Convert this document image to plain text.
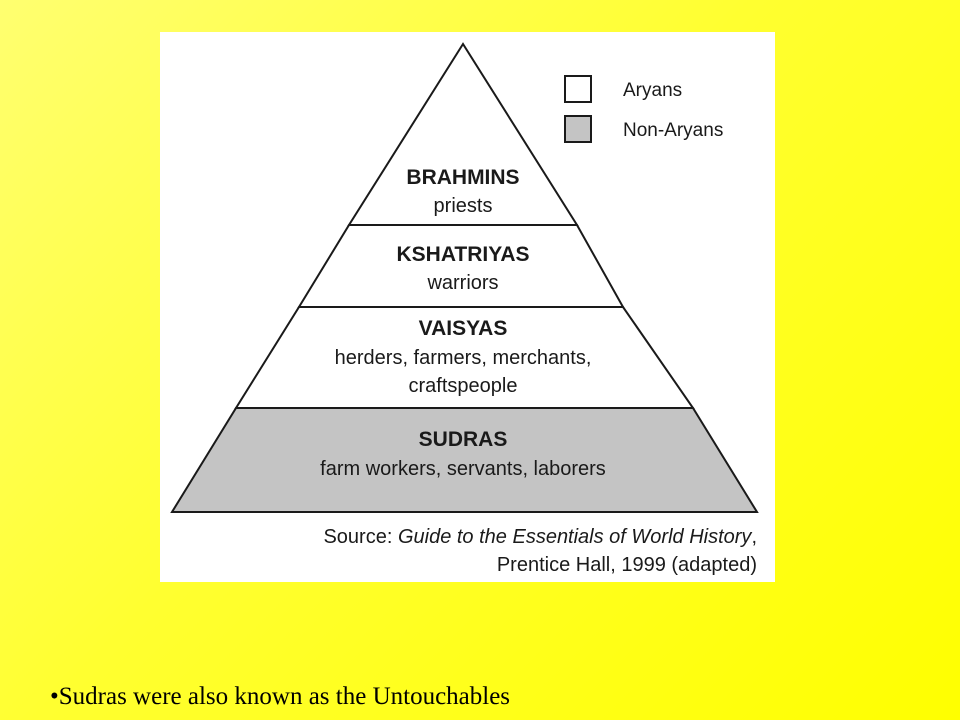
BRAHMINS
priests
KSHATRIYAS
warriors
VAISYAS
herders, farmers, merchants,
craftspeople
SUDRAS
farm workers, servants, laborers
Aryans
Non-Aryans
Source: Guide to the Essentials of World History,
Prentice Hall, 1999 (adapted)

•Sudras were also known as the Untouchables
